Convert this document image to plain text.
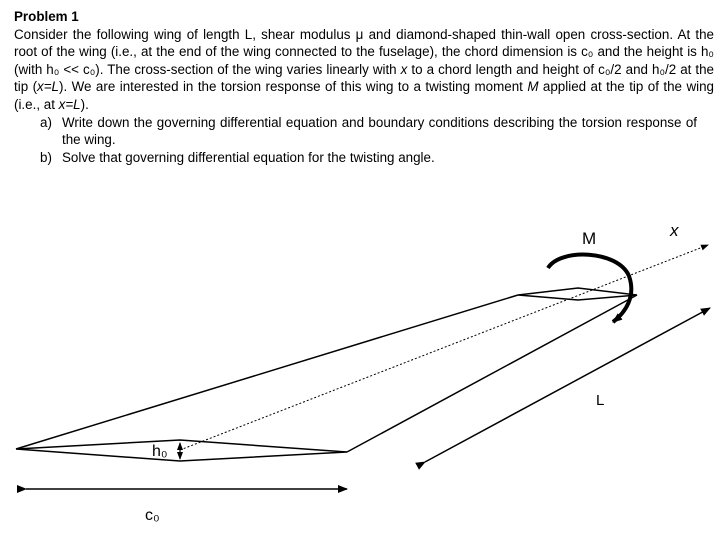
Problem 1

Consider the following wing of length L, shear modulus μ and diamond-shaped thin-wall open cross-section. At the root of the wing (i.e., at the end of the wing connected to the fuselage), the chord dimension is c₀ and the height is h₀ (with h₀ << c₀). The cross-section of the wing varies linearly with x to a chord length and height of c₀/2 and h₀/2 at the tip (x=L). We are interested in the torsion response of this wing to a twisting moment M applied at the tip of the wing (i.e., at x=L).

a) Write down the governing differential equation and boundary conditions describing the torsion response of the wing.
b) Solve that governing differential equation for the twisting angle.
M	x
L
h₀
c₀
